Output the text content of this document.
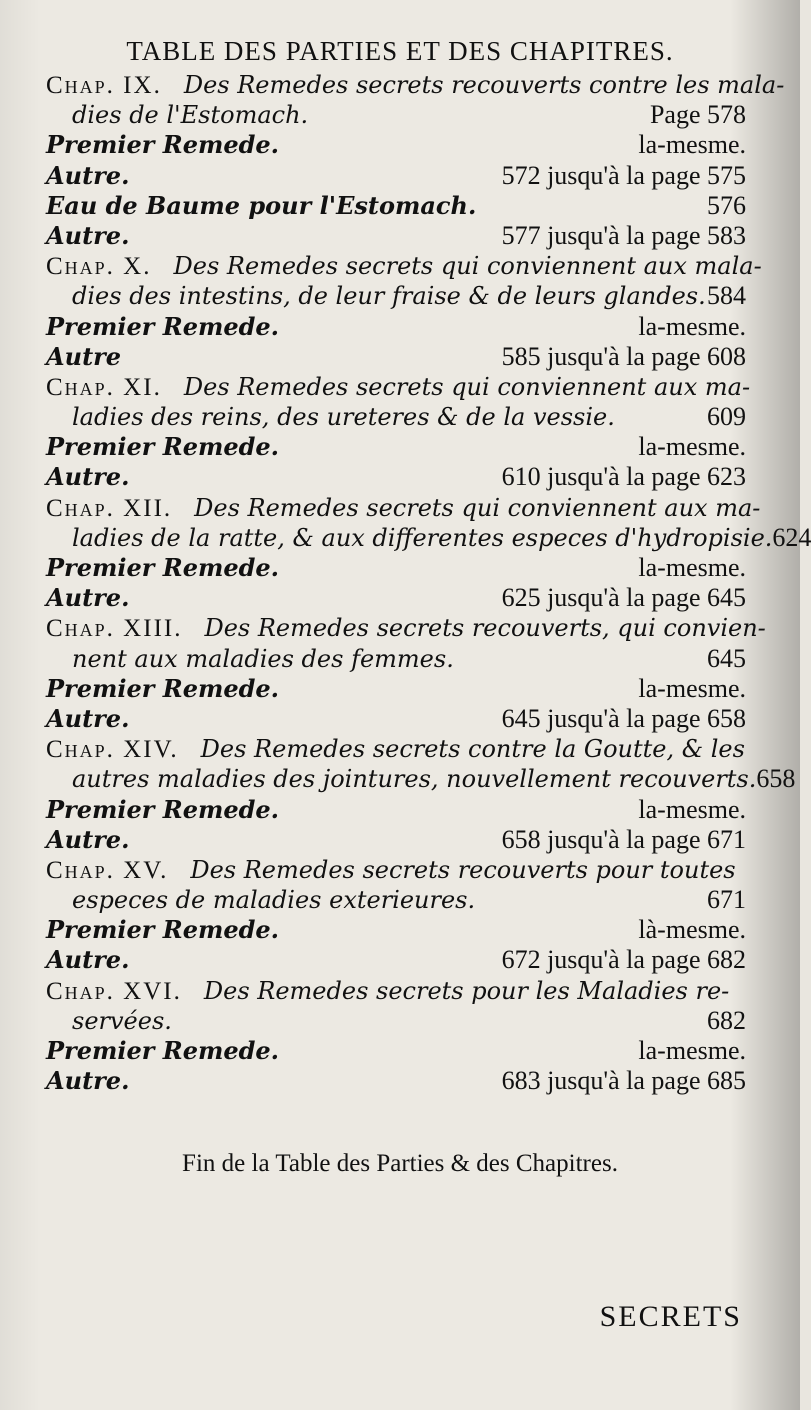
TABLE DES PARTIES ET DES CHAPITRES.
Chap. IX. Des Remedes secrets recouverts contre les mala-
dies de l'Estomach.	Page 578
Premier Remede.	la-mesme.
Autre.	572 jusqu'à la page 575
Eau de Baume pour l'Estomach.	576
Autre.	577 jusqu'à la page 583
Chap. X. Des Remedes secrets qui conviennent aux mala-
dies des intestins, de leur fraise & de leurs glandes. 584
Premier Remede.	la-mesme.
Autre	585 jusqu'à la page 608
Chap. XI. Des Remedes secrets qui conviennent aux ma-
ladies des reins, des ureteres & de la vessie.	609
Premier Remede.	la-mesme.
Autre.	610 jusqu'à la page 623
Chap. XII. Des Remedes secrets qui conviennent aux ma-
ladies de la ratte, & aux differentes especes d'hydropisie. 624
Premier Remede.	la-mesme.
Autre.	625 jusqu'à la page 645
Chap. XIII. Des Remedes secrets recouverts, qui convien-
nent aux maladies des femmes.	645
Premier Remede.	la-mesme.
Autre.	645 jusqu'à la page 658
Chap. XIV. Des Remedes secrets contre la Goutte, & les
autres maladies des jointures, nouvellement recouverts. 658
Premier Remede.	la-mesme.
Autre.	658 jusqu'à la page 671
Chap. XV. Des Remedes secrets recouverts pour toutes
especes de maladies exterieures.	671
Premier Remede.	là-mesme.
Autre.	672 jusqu'à la page 682
Chap. XVI. Des Remedes secrets pour les Maladies re-
servées.	682
Premier Remede.	la-mesme.
Autre.	683 jusqu'à la page 685
Fin de la Table des Parties & des Chapitres.
SECRETS
